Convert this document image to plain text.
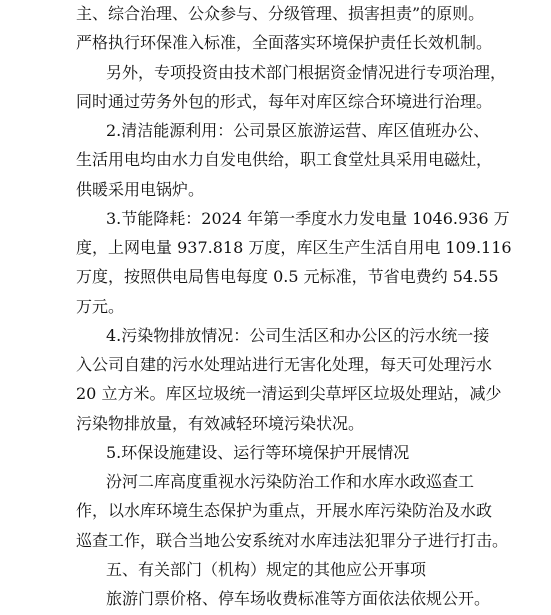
主、综合治理、公众参与、分级管理、损害担责”的原则。
严格执行环保准入标准，全面落实环境保护责任长效机制。
另外，专项投资由技术部门根据资金情况进行专项治理，
同时通过劳务外包的形式，每年对库区综合环境进行治理。
2.清洁能源利用：公司景区旅游运营、库区值班办公、
生活用电均由水力自发电供给，职工食堂灶具采用电磁灶，
供暖采用电锅炉。
3.节能降耗：2024 年第一季度水力发电量 1046.936 万
度，上网电量 937.818 万度，库区生产生活自用电 109.116
万度，按照供电局售电每度 0.5 元标准，节省电费约 54.55
万元。
4.污染物排放情况：公司生活区和办公区的污水统一接
入公司自建的污水处理站进行无害化处理，每天可处理污水
20 立方米。库区垃圾统一清运到尖草坪区垃圾处理站，减少
污染物排放量，有效减轻环境污染状况。
5.环保设施建设、运行等环境保护开展情况
汾河二库高度重视水污染防治工作和水库水政巡查工
作，以水库环境生态保护为重点，开展水库污染防治及水政
巡查工作，联合当地公安系统对水库违法犯罪分子进行打击。
五、有关部门（机构）规定的其他应公开事项
旅游门票价格、停车场收费标准等方面依法依规公开。
